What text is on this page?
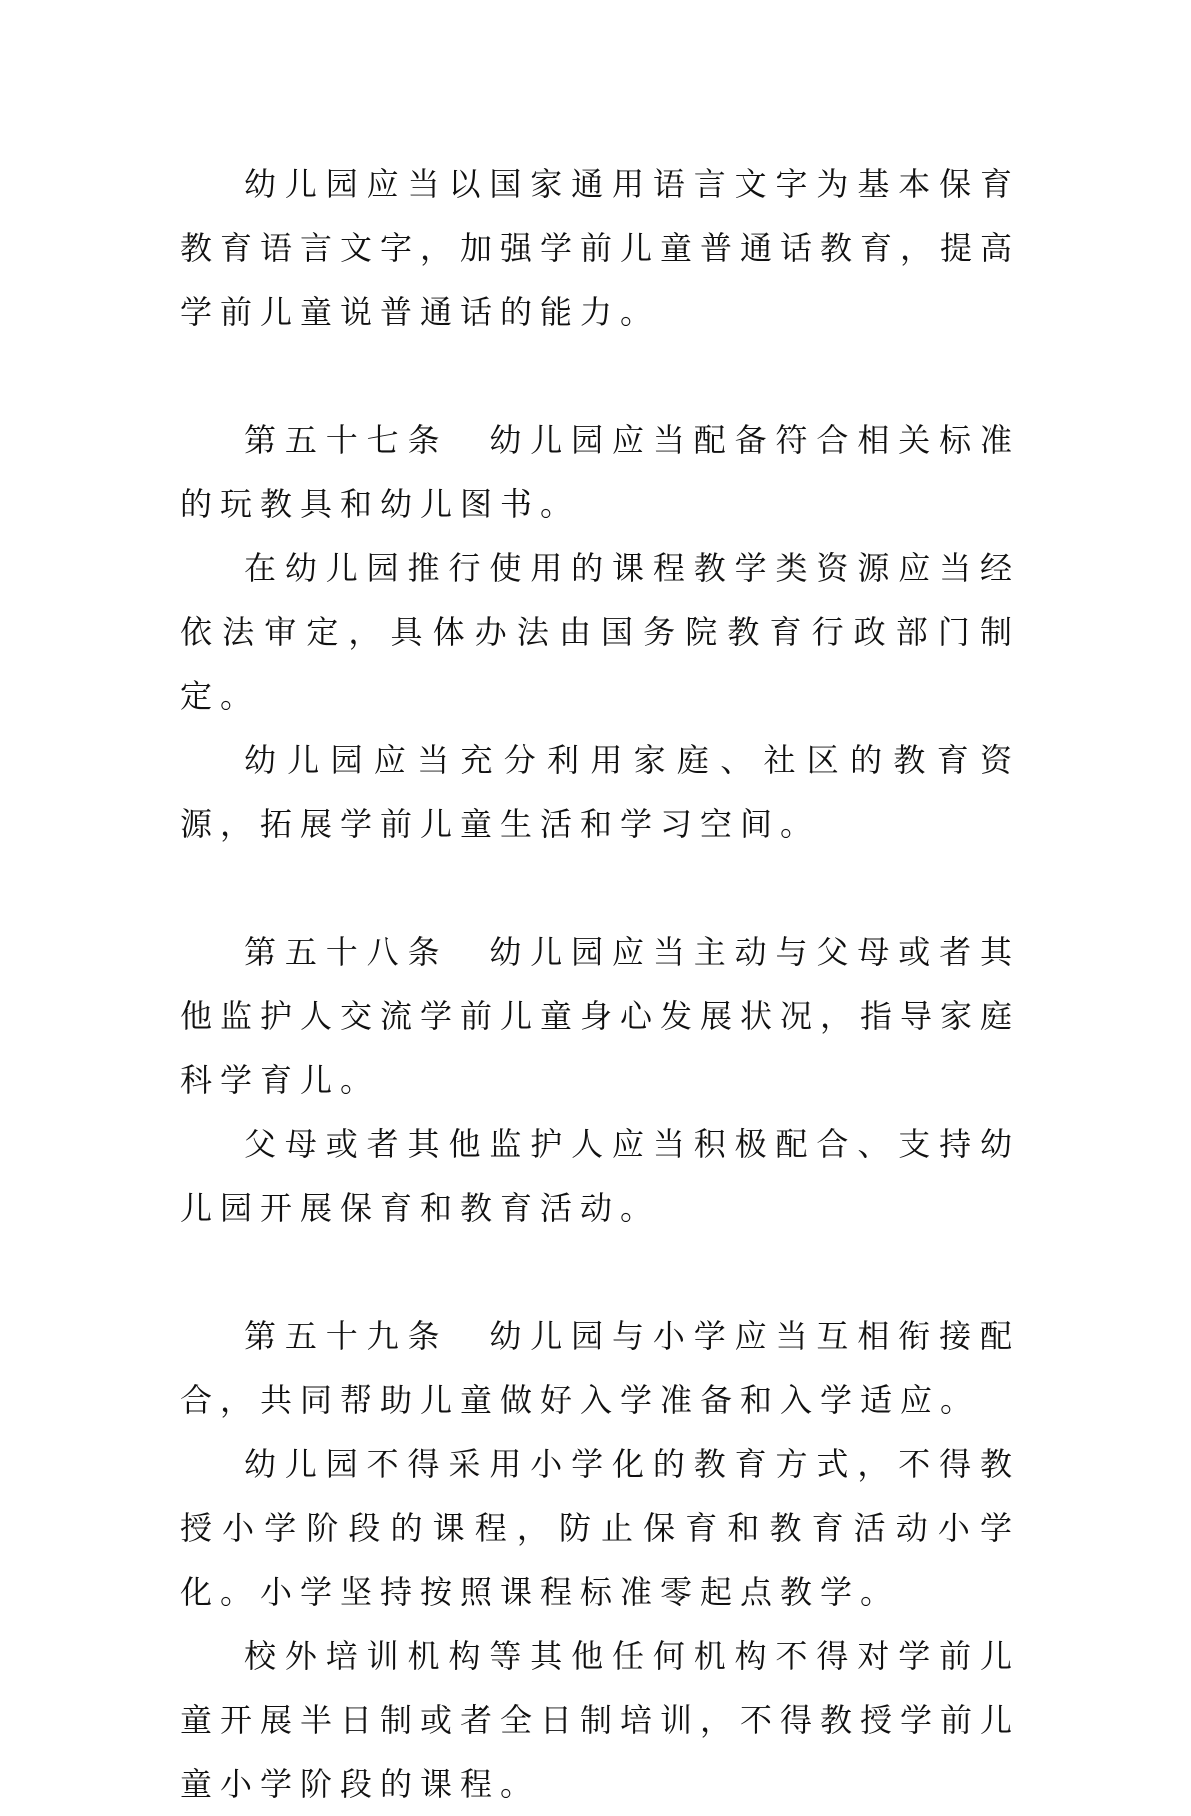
幼儿园应当以国家通用语言文字为基本保育教育语言文字，加强学前儿童普通话教育，提高学前儿童说普通话的能力。

第五十七条　幼儿园应当配备符合相关标准的玩教具和幼儿图书。

在幼儿园推行使用的课程教学类资源应当经依法审定，具体办法由国务院教育行政部门制定。

幼儿园应当充分利用家庭、社区的教育资源，拓展学前儿童生活和学习空间。

第五十八条　幼儿园应当主动与父母或者其他监护人交流学前儿童身心发展状况，指导家庭科学育儿。

父母或者其他监护人应当积极配合、支持幼儿园开展保育和教育活动。

第五十九条　幼儿园与小学应当互相衔接配合，共同帮助儿童做好入学准备和入学适应。

幼儿园不得采用小学化的教育方式，不得教授小学阶段的课程，防止保育和教育活动小学化。小学坚持按照课程标准零起点教学。

校外培训机构等其他任何机构不得对学前儿童开展半日制或者全日制培训，不得教授学前儿童小学阶段的课程。
